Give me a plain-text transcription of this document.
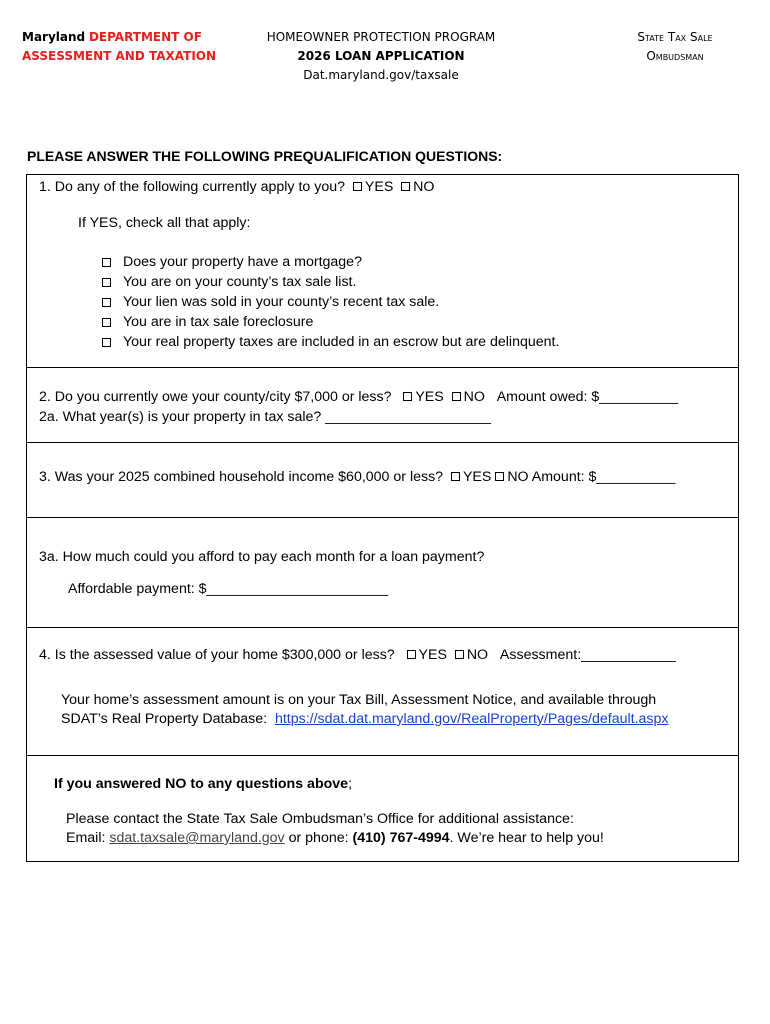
Maryland DEPARTMENT OF
ASSESSMENT AND TAXATION
HOMEOWNER PROTECTION PROGRAM
2026 LOAN APPLICATION
Dat.maryland.gov/taxsale
State Tax Sale
Ombudsman
PLEASE ANSWER THE FOLLOWING PREQUALIFICATION QUESTIONS:
1. Do any of the following currently apply to you? YES NO
If YES, check all that apply:
Does your property have a mortgage?
You are on your county’s tax sale list.
Your lien was sold in your county’s recent tax sale.
You are in tax sale foreclosure
Your real property taxes are included in an escrow but are delinquent.
2. Do you currently owe your county/city $7,000 or less? YES NO Amount owed: $__________
2a. What year(s) is your property in tax sale? _____________________
3. Was your 2025 combined household income $60,000 or less? YES NO Amount: $__________
3a. How much could you afford to pay each month for a loan payment?
Affordable payment: $_______________________
4. Is the assessed value of your home $300,000 or less? YES NO Assessment:____________
Your home’s assessment amount is on your Tax Bill, Assessment Notice, and available through
SDAT’s Real Property Database: https://sdat.dat.maryland.gov/RealProperty/Pages/default.aspx
If you answered NO to any questions above;
Please contact the State Tax Sale Ombudsman’s Office for additional assistance:
Email: sdat.taxsale@maryland.gov or phone: (410) 767-4994. We’re hear to help you!
